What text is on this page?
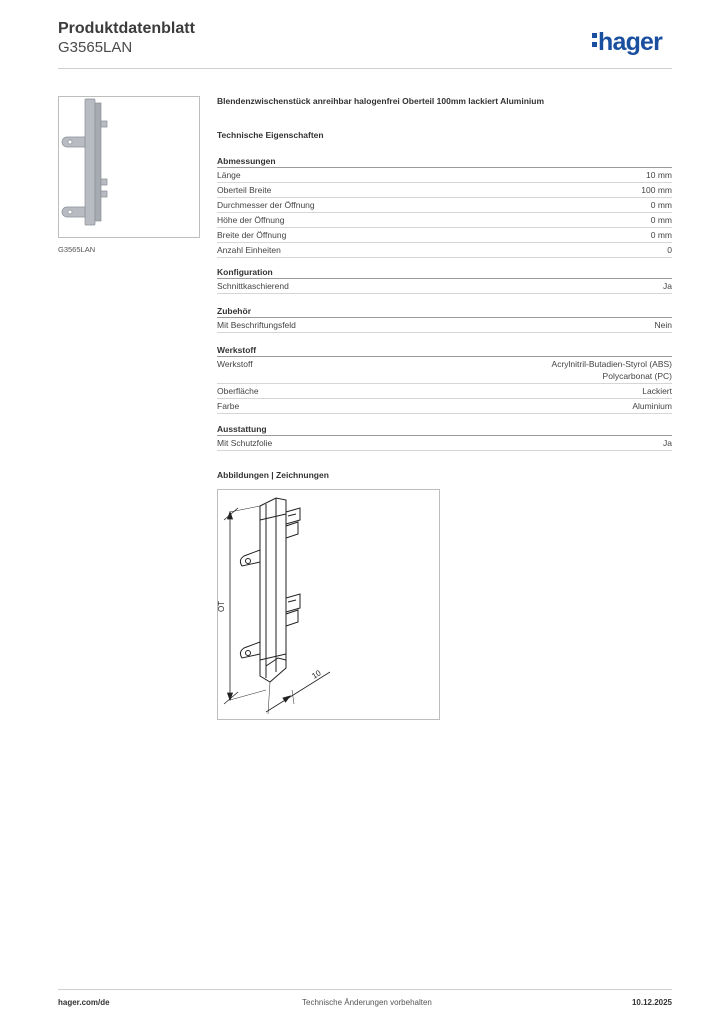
Produktdatenblatt
G3565LAN	hager
G3565LAN
Blendenzwischenstück anreihbar halogenfrei Oberteil 100mm lackiert Aluminium
Technische Eigenschaften
Abmessungen
Länge	10 mm
Oberteil Breite	100 mm
Durchmesser der Öffnung	0 mm
Höhe der Öffnung	0 mm
Breite der Öffnung	0 mm
Anzahl Einheiten	0
Konfiguration
Schnittkaschierend	Ja
Zubehör
Mit Beschriftungsfeld	Nein
Werkstoff
Werkstoff	Acrylnitril-Butadien-Styrol (ABS)
Polycarbonat (PC)
Oberfläche	Lackiert
Farbe	Aluminium
Ausstattung
Mit Schutzfolie	Ja
Abbildungen | Zeichnungen
OT
10
hager.com/de	Technische Änderungen vorbehalten	10.12.2025
